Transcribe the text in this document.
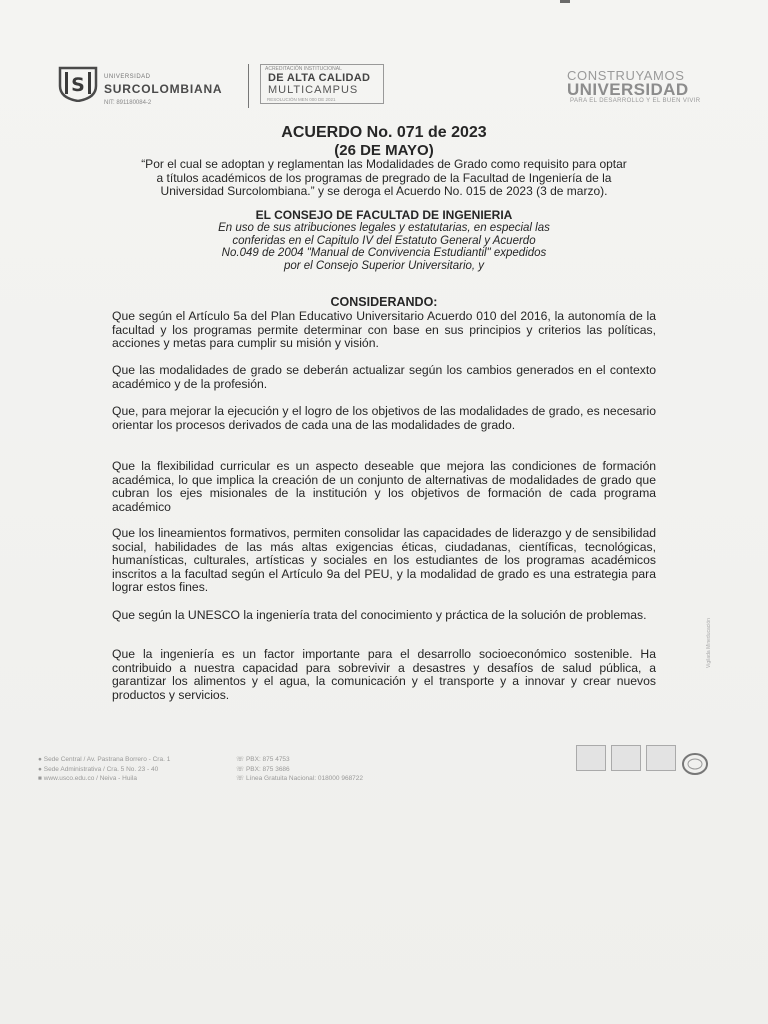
S	UNIVERSIDAD
SURCOLOMBIANA
NIT: 891180084-2
ACREDITACIÓN INSTITUCIONAL
DE ALTA CALIDAD
MULTICAMPUS
RESOLUCIÓN MEN 000 DE 2021
CONSTRUYAMOS
UNIVERSIDAD
PARA EL DESARROLLO Y EL BUEN VIVIR
ACUERDO No. 071 de 2023
(26 DE MAYO)
“Por el cual se adoptan y reglamentan las Modalidades de Grado como requisito para optar
a títulos académicos de los programas de pregrado de la Facultad de Ingeniería de la
Universidad Surcolombiana.” y se deroga el Acuerdo No. 015 de 2023 (3 de marzo).
EL CONSEJO DE FACULTAD DE INGENIERIA
En uso de sus atribuciones legales y estatutarias, en especial las
conferidas en el Capitulo IV del Estatuto General y Acuerdo
No.049 de 2004 "Manual de Convivencia Estudiantil" expedidos
por el Consejo Superior Universitario, y
CONSIDERANDO:
Que según el Artículo 5a del Plan Educativo Universitario Acuerdo 010 del 2016, la autonomía de la facultad y los programas permite determinar con base en sus principios y criterios las políticas, acciones y metas para cumplir su misión y visión.
Que las modalidades de grado se deberán actualizar según los cambios generados en el contexto académico y de la profesión.
Que, para mejorar la ejecución y el logro de los objetivos de las modalidades de grado, es necesario orientar los procesos derivados de cada una de las modalidades de grado.
Que la flexibilidad curricular es un aspecto deseable que mejora las condiciones de formación académica, lo que implica la creación de un conjunto de alternativas de modalidades de grado que cubran los ejes misionales de la institución y los objetivos de formación de cada programa académico
Que los lineamientos formativos, permiten consolidar las capacidades de liderazgo y de sensibilidad social, habilidades de las más altas exigencias éticas, ciudadanas, científicas, tecnológicas, humanísticas, culturales, artísticas y sociales en los estudiantes de los programas académicos inscritos a la facultad según el Artículo 9a del PEU, y la modalidad de grado es una estrategia para lograr estos fines.
Que según la UNESCO la ingeniería trata del conocimiento y práctica de la solución de problemas.
Que la ingeniería es un factor importante para el desarrollo socioeconómico sostenible. Ha contribuido a nuestra capacidad para sobrevivir a desastres y desafíos de salud pública, a garantizar los alimentos y el agua, la comunicación y el transporte y a innovar y crear nuevos productos y servicios.
Vigilada Mineducación
● Sede Central / Av. Pastrana Borrero - Cra. 1
● Sede Administrativa / Cra. 5 No. 23 - 40
■ www.usco.edu.co / Neiva - Huila
☏ PBX: 875 4753
☏ PBX: 875 3686
☏ Línea Gratuita Nacional: 018000 968722
